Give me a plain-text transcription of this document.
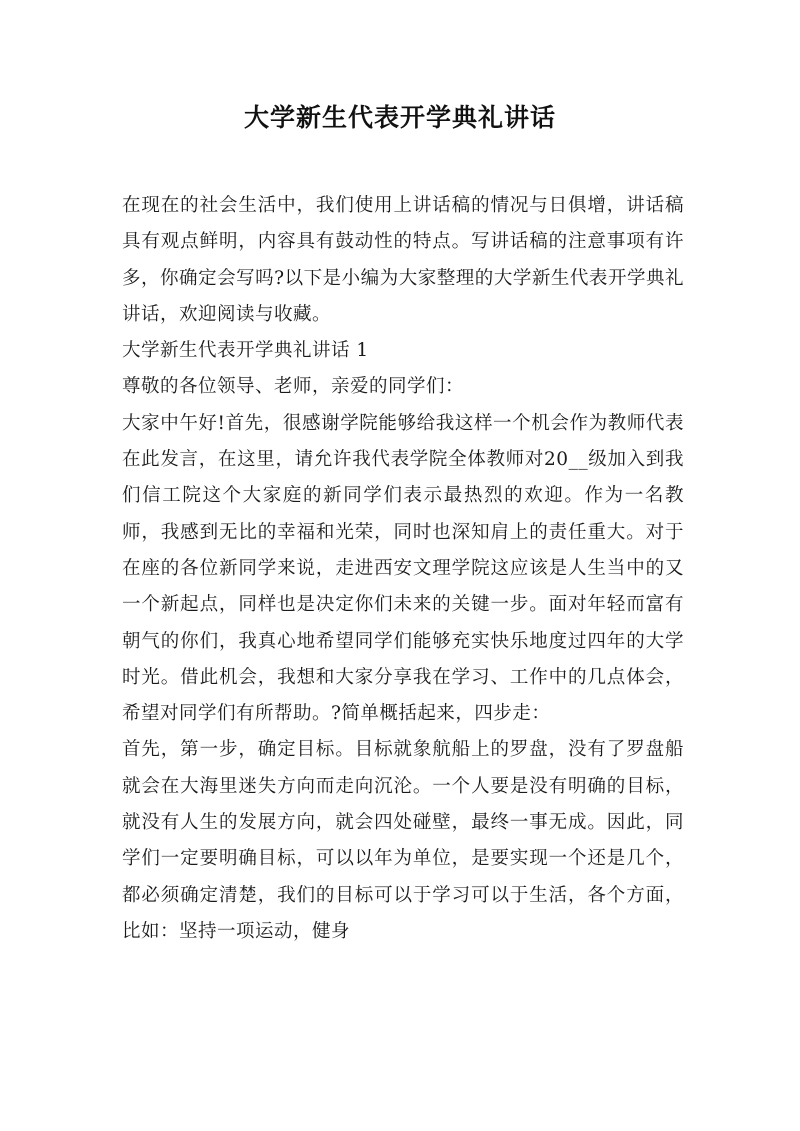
大学新生代表开学典礼讲话

在现在的社会生活中，我们使用上讲话稿的情况与日俱增，讲话稿具有观点鲜明，内容具有鼓动性的特点。写讲话稿的注意事项有许多，你确定会写吗?以下是小编为大家整理的大学新生代表开学典礼讲话，欢迎阅读与收藏。

大学新生代表开学典礼讲话 1

尊敬的各位领导、老师，亲爱的同学们：

大家中午好!首先，很感谢学院能够给我这样一个机会作为教师代表在此发言，在这里，请允许我代表学院全体教师对20__级加入到我们信工院这个大家庭的新同学们表示最热烈的欢迎。作为一名教师，我感到无比的幸福和光荣，同时也深知肩上的责任重大。对于在座的各位新同学来说，走进西安文理学院这应该是人生当中的又一个新起点，同样也是决定你们未来的关键一步。面对年轻而富有朝气的你们，我真心地希望同学们能够充实快乐地度过四年的大学时光。借此机会，我想和大家分享我在学习、工作中的几点体会，希望对同学们有所帮助。?简单概括起来，四步走：

首先，第一步，确定目标。目标就象航船上的罗盘，没有了罗盘船就会在大海里迷失方向而走向沉沦。一个人要是没有明确的目标，就没有人生的发展方向，就会四处碰壁，最终一事无成。因此，同学们一定要明确目标，可以以年为单位，是要实现一个还是几个，都必须确定清楚，我们的目标可以于学习可以于生活，各个方面，比如：坚持一项运动，健身
